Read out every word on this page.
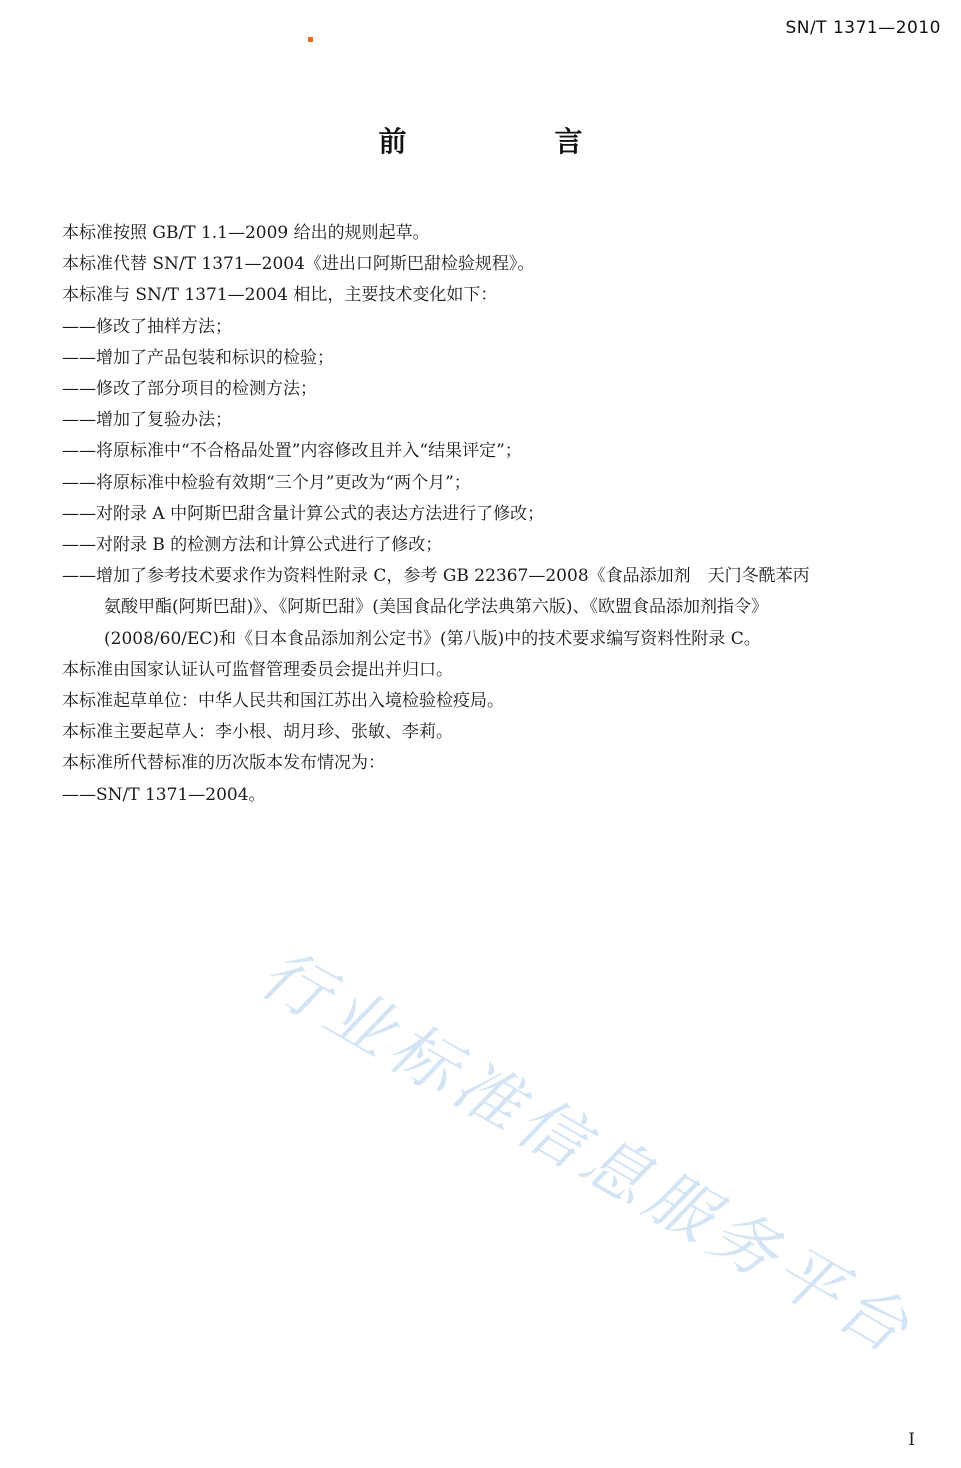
SN/T 1371—2010
前　言
本标准按照 GB/T 1.1—2009 给出的规则起草。
本标准代替 SN/T 1371—2004《进出口阿斯巴甜检验规程》。
本标准与 SN/T 1371—2004 相比，主要技术变化如下：
——修改了抽样方法；
——增加了产品包装和标识的检验；
——修改了部分项目的检测方法；
——增加了复验办法；
——将原标准中“不合格品处置”内容修改且并入“结果评定”；
——将原标准中检验有效期“三个月”更改为“两个月”；
——对附录 A 中阿斯巴甜含量计算公式的表达方法进行了修改；
——对附录 B 的检测方法和计算公式进行了修改；
——增加了参考技术要求作为资料性附录 C，参考 GB 22367—2008《食品添加剂　天门冬酰苯丙
氨酸甲酯(阿斯巴甜)》、《阿斯巴甜》(美国食品化学法典第六版)、《欧盟食品添加剂指令》
(2008/60/EC)和《日本食品添加剂公定书》(第八版)中的技术要求编写资料性附录 C。
本标准由国家认证认可监督管理委员会提出并归口。
本标准起草单位：中华人民共和国江苏出入境检验检疫局。
本标准主要起草人：李小根、胡月珍、张敏、李莉。
本标准所代替标准的历次版本发布情况为：
——SN/T 1371—2004。
行业标准信息服务平台
I
